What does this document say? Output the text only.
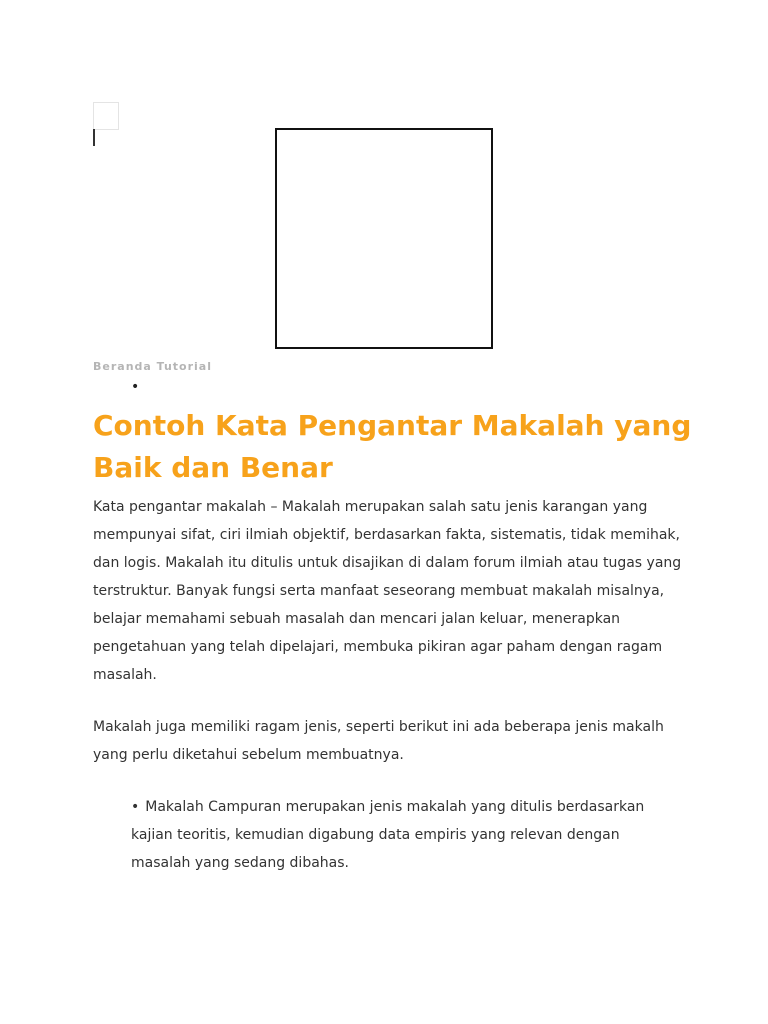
Beranda Tutorial
•
Contoh Kata Pengantar Makalah yang Baik dan Benar

Kata pengantar makalah – Makalah merupakan salah satu jenis karangan yang mempunyai sifat, ciri ilmiah objektif, berdasarkan fakta, sistematis, tidak memihak, dan logis. Makalah itu ditulis untuk disajikan di dalam forum ilmiah atau tugas yang terstruktur. Banyak fungsi serta manfaat seseorang membuat makalah misalnya, belajar memahami sebuah masalah dan mencari jalan keluar, menerapkan pengetahuan yang telah dipelajari, membuka pikiran agar paham dengan ragam masalah.

Makalah juga memiliki ragam jenis, seperti berikut ini ada beberapa jenis makalh yang perlu diketahui sebelum membuatnya.

• Makalah Campuran merupakan jenis makalah yang ditulis berdasarkan kajian teoritis, kemudian digabung data empiris yang relevan dengan masalah yang sedang dibahas.
